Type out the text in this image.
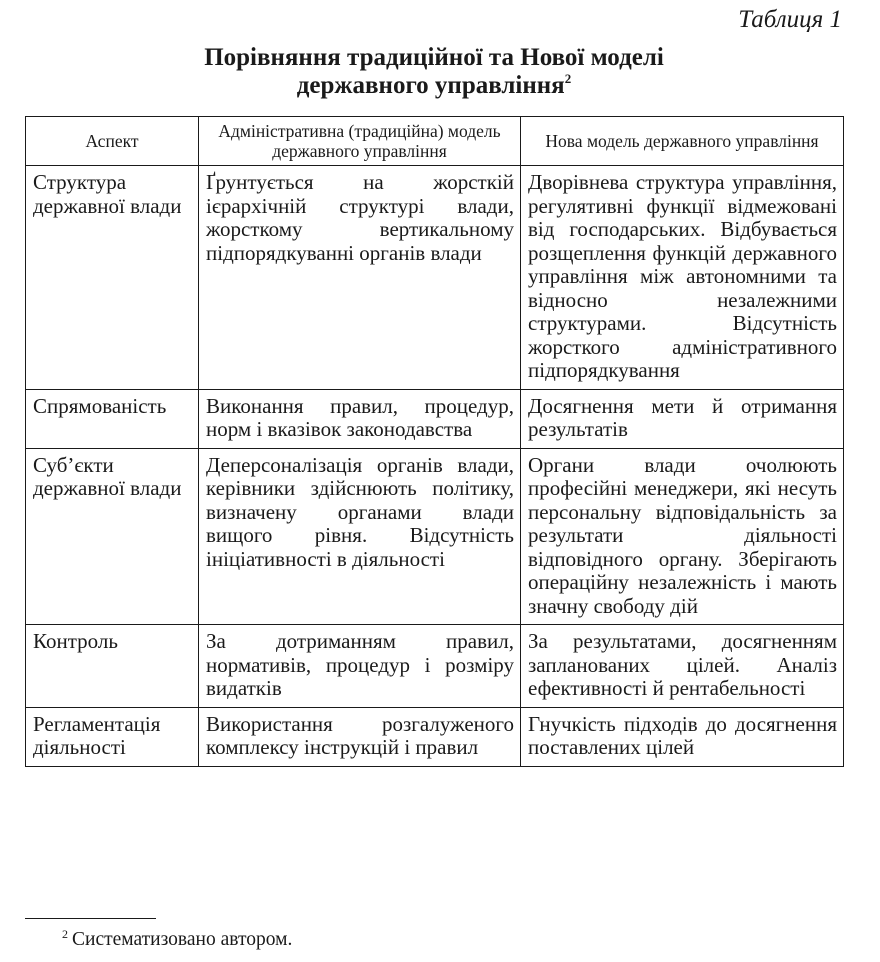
Таблиця 1
Порівняння традиційної та Нової моделі
державного управління$^2$
Аспект	Адміністративна (традиційна) модель державного управління	Нова модель державного управління
Структура державної влади	Ґрунтується на жорсткій ієрархічній структурі влади, жорсткому вертикальному підпорядкуванні органів влади	Дворівнева структура управління, регулятивні функції відмежовані від господарських. Відбувається розщеплення функцій державного управління між автономними та відносно незалежними структурами. Відсутність жорсткого адміністративного підпорядкування
Спрямованість	Виконання правил, процедур, норм і вказівок законодавства	Досягнення мети й отримання результатів
Суб’єкти державної влади	Деперсоналізація органів влади, керівники здійснюють політику, визначену органами влади вищого рівня. Відсутність ініціативності в діяльності	Органи влади очолюють професійні менеджери, які несуть персональну відповідальність за результати діяльності відповідного органу. Зберігають операційну незалежність і мають значну свободу дій
Контроль	За дотриманням правил, нормативів, процедур і розміру видатків	За результатами, досягненням запланованих цілей. Аналіз ефективності й рентабельності
Регламентація діяльності	Використання розгалуженого комплексу інструкцій і правил	Гнучкість підходів до досягнення поставлених цілей
$^2$ Систематизовано автором.
